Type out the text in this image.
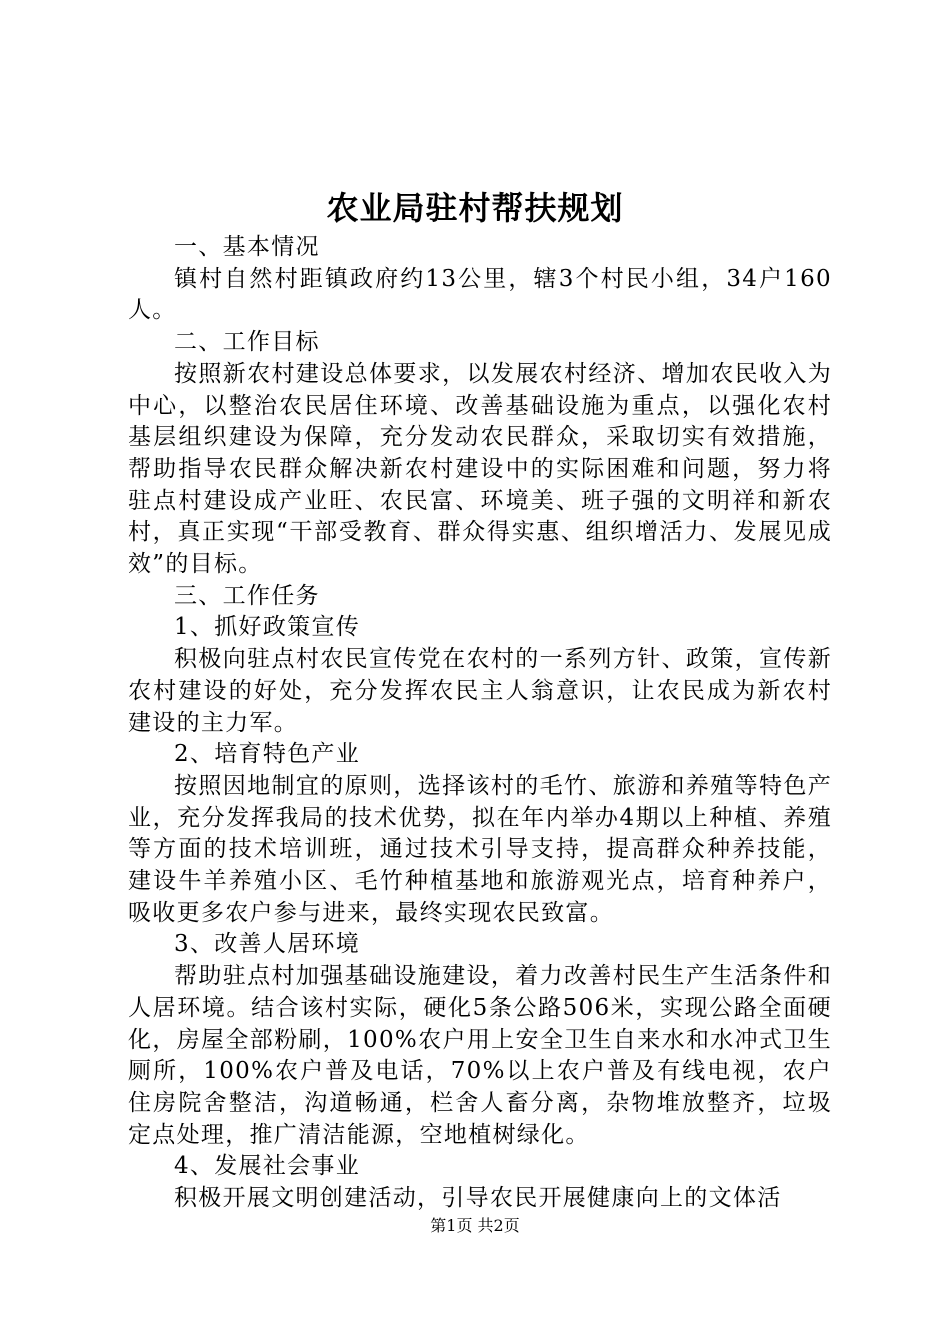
农业局驻村帮扶规划

一、基本情况

镇村自然村距镇政府约13公里，辖3个村民小组，34户160人。

二、工作目标

按照新农村建设总体要求，以发展农村经济、增加农民收入为中心，以整治农民居住环境、改善基础设施为重点，以强化农村基层组织建设为保障，充分发动农民群众，采取切实有效措施，帮助指导农民群众解决新农村建设中的实际困难和问题，努力将驻点村建设成产业旺、农民富、环境美、班子强的文明祥和新农村，真正实现“干部受教育、群众得实惠、组织增活力、发展见成效”的目标。

三、工作任务

1、抓好政策宣传

积极向驻点村农民宣传党在农村的一系列方针、政策，宣传新农村建设的好处，充分发挥农民主人翁意识，让农民成为新农村建设的主力军。

2、培育特色产业

按照因地制宜的原则，选择该村的毛竹、旅游和养殖等特色产业，充分发挥我局的技术优势，拟在年内举办4期以上种植、养殖等方面的技术培训班，通过技术引导支持，提高群众种养技能，建设牛羊养殖小区、毛竹种植基地和旅游观光点，培育种养户，吸收更多农户参与进来，最终实现农民致富。

3、改善人居环境

帮助驻点村加强基础设施建设，着力改善村民生产生活条件和人居环境。结合该村实际，硬化5条公路506米，实现公路全面硬化，房屋全部粉刷，100%农户用上安全卫生自来水和水冲式卫生厕所，100%农户普及电话，70%以上农户普及有线电视，农户住房院舍整洁，沟道畅通，栏舍人畜分离，杂物堆放整齐，垃圾定点处理，推广清洁能源，空地植树绿化。

4、发展社会事业

积极开展文明创建活动，引导农民开展健康向上的文体活

第1页 共2页
